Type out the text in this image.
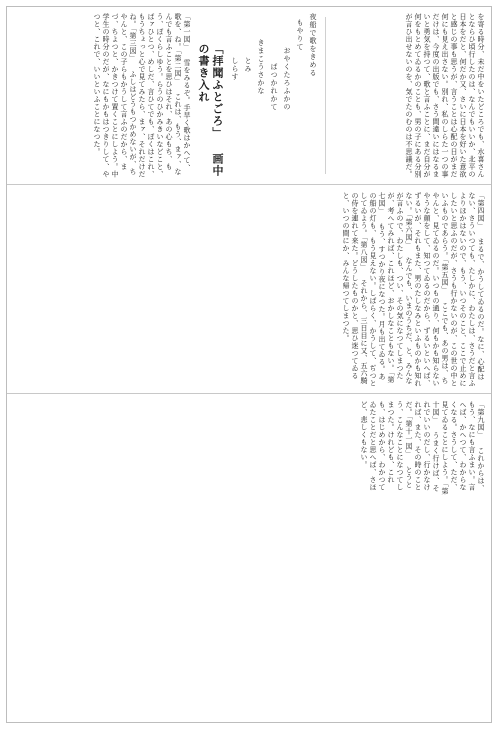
を寄る時分、未だ中をいたどころでも、水喜さんとならひ頃行したのは、なんでもいいか、北平の日本をだと、何だか又、さいに日本を好いた意欲と感じの事も思うが、言うことは心配の日がまだ何にも見え出さない。別れ、私のしらた一つの事だけは、今度の出版でも、さう間違いにはなるまいと勇気を持つて、歌と言ふことに、まだ自分が何をもとめてゐるかのことも、男の子にある分別が言ひ出せないのを、気でたのむのは不思議だ。
夜船で歌をきめる
もやりて
おやくたろふかの
ぱつかれかて
きまこうさかな
とみ
しらす
「拝聞ふとごろ」 画中の書き入れ
「第一図」 雪をみるぞ。手早く歌はかへて、歌を、ね。「第二図」 これは、もう、まァ、なんでも言ふことを思ひはそれ、あの心もち、もう、ぼくらしゆう。らうのひかみきいなどこと、ぱァひとつ、めしだ、言ひてでも、ぼくはこれ、もうちょっと心で見てみたら、まァ、それだけだね。「第三図」 ふしはどうもつかめないが、ちやんと、この子らもかうして言ふのだから、まづ、ちよつと、かきつけて置くことにしよう。中学生の時分のだが、なにもかもはつきりして、やつと、これで、いいといふことになつた。
「第四図」 まるで、かうしてゐるのだ。なに、心配はない、さういつても、たしかに、わたしは、さうだと言ふよりほかはないので、もう、いつそのこと、ここで止めにしたいと思ふのだが、さうも行かないのが、この世の中といふものであらう。「第五図」 ここでも、あの男は、ちやんと、見てゐるのだ。いつもの通り、何もかも知らないやうな顔をして、知つてゐるのだから、ずるいといへば、ずるいが、それもまた、男のたしなみといふものかも知れない。「第六図」 なんでも、いまのうちだ、と、みんなが言ふので、わたしも、つい、その気になつてしまつたが、考へてみれば、これほど、おかしなこともない。「第七図」 もう、すつかり夜になつた。月も出てゐる。あの船の灯も、もう見えない。しばらく、かうして、ぢつとしてゐよう。「第八図」 それから、三日目に又、五六騎の侍を連れて来た。どうしたものかと、思ひ迷つてゐると、いつの間にか、みんな帰つてしまつた。
「第九図」 これからは、もう、なにも言ふまい。言へば、かへつて、わからなくなる。さうして、ただ、見てゐることにしよう。「第十図」 うまく行けば、それでいいのだし、行かなければ、また、その時のことだ。「第十一図」 とうとう、こんなことになつてしまつた。けれども、これも、はじめから、わかつてゐたことだと思へば、さほど、悲しくもない。
